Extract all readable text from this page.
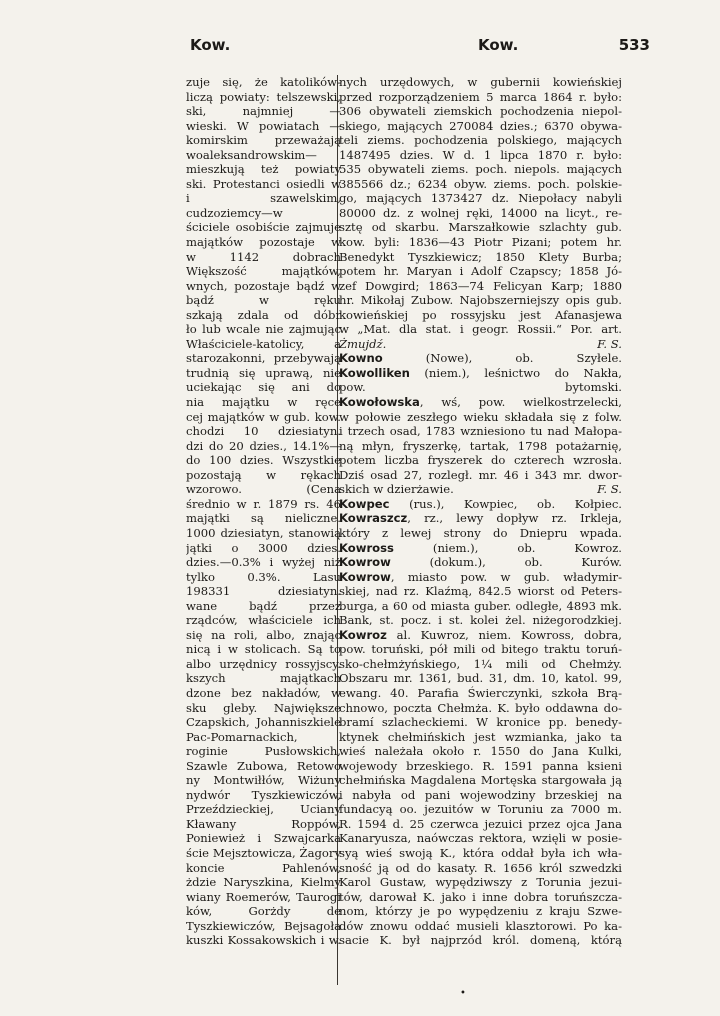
Kow.	Kow.	533
zuje się, że katolików-
liczą powiaty: telszewski,
ski, najmniej —
wieski. W powiatach —
komirskim przeważają
woaleksandrowskim—
mieszkują też powiaty
ski. Protestanci osiedli w
i szawelskim,
cudzoziemcy—w
ściciele osobiście zajmuje
majątków pozostaje w
w 1142 dobrach
Większość majątków,
wnych, pozostaje bądź w
bądź w ręku
szkają zdala od dóbr
ło lub wcale nie zajmując
Właściciele-katolicy, a
starozakonni, przebywają
trudnią się uprawą, nie
uciekając się ani do
nia majątku w ręce
cej majątków w gub. kow.
chodzi 10 dziesiatyn.
dzi do 20 dzies., 14.1%—
do 100 dzies. Wszystkie
pozostają w rękach
wzorowo. (Cena
średnio w r. 1879 rs. 46
majątki są nieliczne.
1000 dziesiatyn, stanowią
jątki o 3000 dzies.
dzies.—0.3% i wyżej niż
tylko 0.3%. Lasu
198331 dziesiatyn.
wane bądź przez
rządców, właściciele ich
się na roli, albo, znając
nicą i w stolicach. Są to
albo urzędnicy rossyjscy.
kszych majątkach
dzone bez nakładów, w
sku gleby. Największe
Czapskich, Johanniszkiele
Pac-Pomarnackich,
roginie Pusłowskich,
Szawle Zubowa, Retowo
ny Montwiłłów, Wiżuny
nydwór Tyszkiewiczów,
Przeździeckiej, Uciany
Kławany Roppów,
Poniewież i Szwajcarka
ście Mejsztowicza, Żagory
koncie Pahlenów,
żdzie Naryszkina, Kielmy
wiany Roemerów, Taurogi
ków, Gorżdy de
Tyszkiewiczów, Bejsagoła
kuszki Kossakowskich i w.
nych urzędowych, w gubernii kowieńskiej
przed rozporządzeniem 5 marca 1864 r. było:
306 obywateli ziemskich pochodzenia niepol-
skiego, mających 270084 dzies.; 6370 obywa-
teli ziems. pochodzenia polskiego, mających
1487495 dzies. W d. 1 lipca 1870 r. było:
535 obywateli ziems. poch. niepols. mających
385566 dz.; 6234 obyw. ziems. poch. polskie-
go, mających 1373427 dz. Niepołacy nabyli
80000 dz. z wolnej ręki, 14000 na licyt., re-
sztę od skarbu. Marszałkowie szlachty gub.
kow. byli: 1836—43 Piotr Pizani; potem hr.
Benedykt Tyszkiewicz; 1850 Klety Burba;
potem hr. Maryan i Adolf Czapscy; 1858 Jó-
zef Dowgird; 1863—74 Felicyan Karp; 1880
hr. Mikołaj Zubow. Najobszerniejszy opis gub.
kowieńskiej po rossyjsku jest Afanasjewa
w „Mat. dla stat. i geogr. Rossii.“ Por. art.
Żmujdź.	F. S.
Kowno (Nowe), ob. Szyłele.
Kowolliken (niem.), leśnictwo do Nakła,
pow. bytomski.
Kowołowska, wś, pow. wielkostrzelecki,
w połowie zeszłego wieku składała się z folw.
i trzech osad, 1783 wzniesiono tu nad Małopa-
ną młyn, fryszerkę, tartak, 1798 potażarnię,
potem liczba fryszerek do czterech wzrosła.
Dziś osad 27, rozległ. mr. 46 i 343 mr. dwor-
skich w dzierżawie.	F. S.
Kowpec (rus.), Kowpiec, ob. Kołpiec.
Kowraszcz, rz., lewy dopływ rz. Irkleja,
który z lewej strony do Dniepru wpada.
Kowross (niem.), ob. Kowroz.
Kowrow (dokum.), ob. Kurów.
Kowrow, miasto pow. w gub. władymir-
skiej, nad rz. Klaźmą, 842.5 wiorst od Peters-
burga, a 60 od miasta guber. odległe, 4893 mk.
Bank, st. pocz. i st. kolei żel. niżegorodzkiej.
Kowroz al. Kuwroz, niem. Kowross, dobra,
pow. toruński, pół mili od bitego traktu toruń-
sko-chełmżyńskiego, 1¼ mili od Chełmży.
Obszaru mr. 1361, bud. 31, dm. 10, katol. 99,
ewang. 40. Parafia Świerczynki, szkoła Brą-
chnowo, poczta Chełmża. K. było oddawna do-
bramí szlacheckiemi. W kronice pp. benedy-
ktynek chełmińskich jest wzmianka, jako ta
wieś należała około r. 1550 do Jana Kulki,
wojewody brzeskiego. R. 1591 panna ksieni
chełmińska Magdalena Mortęska stargowała ją
i nabyła od pani wojewodziny brzeskiej na
fundacyą oo. jezuitów w Toruniu za 7000 m.
R. 1594 d. 25 czerwca jezuici przez ojca Jana
Kanaryusza, naówczas rektora, wzięli w posie-
syą wieś swoją K., która oddał była ich wła-
sność ją od do kasaty. R. 1656 król szwedzki
Karol Gustaw, wypędziwszy z Torunia jezui-
tów, darował K. jako i inne dobra toruńszcza-
nom, którzy je po wypędzeniu z kraju Szwe-
dów znowu oddać musieli klasztorowi. Po ka-
sacie K. był najprzód król. domeną, którą
•
